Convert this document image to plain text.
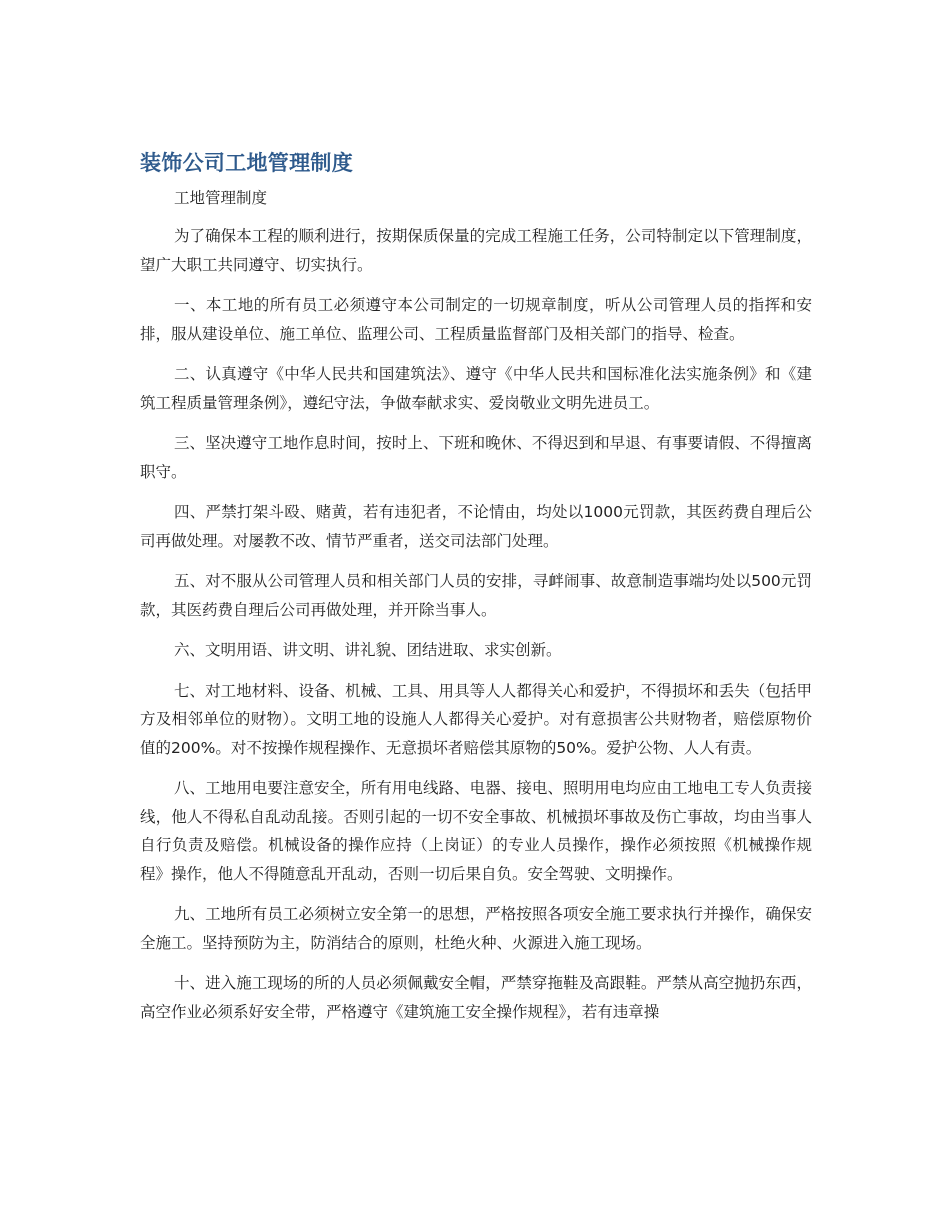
装饰公司工地管理制度

工地管理制度

为了确保本工程的顺利进行，按期保质保量的完成工程施工任务，公司特制定以下管理制度，望广大职工共同遵守、切实执行。

一、本工地的所有员工必须遵守本公司制定的一切规章制度，听从公司管理人员的指挥和安排，服从建设单位、施工单位、监理公司、工程质量监督部门及相关部门的指导、检查。

二、认真遵守《中华人民共和国建筑法》、遵守《中华人民共和国标准化法实施条例》和《建筑工程质量管理条例》，遵纪守法，争做奉献求实、爱岗敬业文明先进员工。

三、坚决遵守工地作息时间，按时上、下班和晚休、不得迟到和早退、有事要请假、不得擅离职守。

四、严禁打架斗殴、赌黄，若有违犯者，不论情由，均处以1000元罚款，其医药费自理后公司再做处理。对屡教不改、情节严重者，送交司法部门处理。

五、对不服从公司管理人员和相关部门人员的安排，寻衅闹事、故意制造事端均处以500元罚款，其医药费自理后公司再做处理，并开除当事人。

六、文明用语、讲文明、讲礼貌、团结进取、求实创新。

七、对工地材料、设备、机械、工具、用具等人人都得关心和爱护，不得损坏和丢失（包括甲方及相邻单位的财物）。文明工地的设施人人都得关心爱护。对有意损害公共财物者，赔偿原物价值的200%。对不按操作规程操作、无意损坏者赔偿其原物的50%。爱护公物、人人有责。

八、工地用电要注意安全，所有用电线路、电器、接电、照明用电均应由工地电工专人负责接线，他人不得私自乱动乱接。否则引起的一切不安全事故、机械损坏事故及伤亡事故，均由当事人自行负责及赔偿。机械设备的操作应持（上岗证）的专业人员操作，操作必须按照《机械操作规程》操作，他人不得随意乱开乱动，否则一切后果自负。安全驾驶、文明操作。

九、工地所有员工必须树立安全第一的思想，严格按照各项安全施工要求执行并操作，确保安全施工。坚持预防为主，防消结合的原则，杜绝火种、火源进入施工现场。

十、进入施工现场的所的人员必须佩戴安全帽，严禁穿拖鞋及高跟鞋。严禁从高空抛扔东西，高空作业必须系好安全带，严格遵守《建筑施工安全操作规程》，若有违章操
